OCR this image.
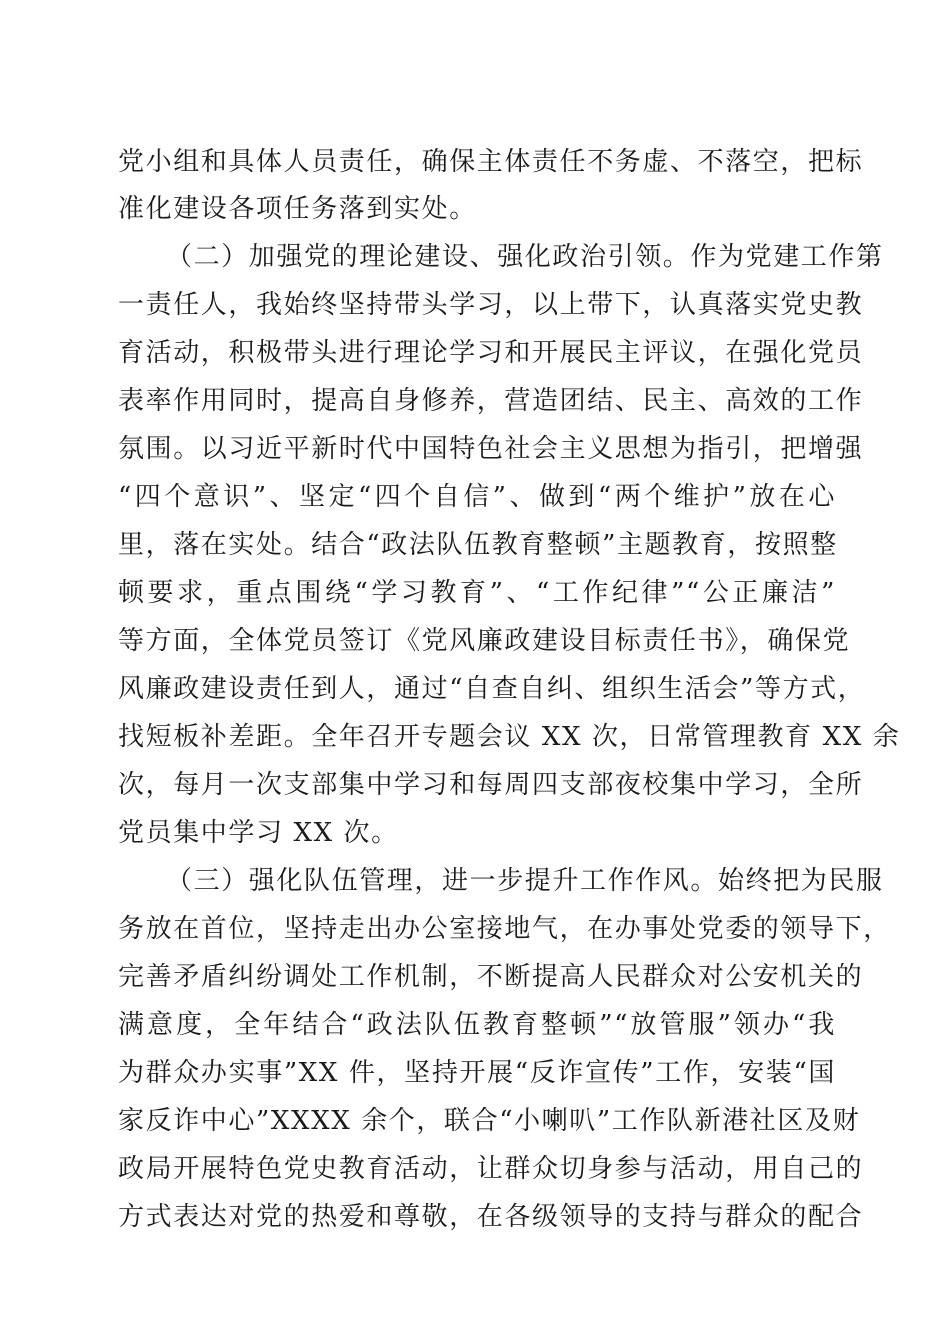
党小组和具体人员责任，确保主体责任不务虚、不落空，把标
准化建设各项任务落到实处。
（二）加强党的理论建设、强化政治引领。作为党建工作第
一责任人，我始终坚持带头学习，以上带下，认真落实党史教
育活动，积极带头进行理论学习和开展民主评议，在强化党员
表率作用同时，提高自身修养，营造团结、民主、高效的工作
氛围。以习近平新时代中国特色社会主义思想为指引，把增强
“四个意识”、坚定“四个自信”、做到“两个维护”放在心
里，落在实处。结合“政法队伍教育整顿”主题教育，按照整
顿要求，重点围绕“学习教育”、“工作纪律”“公正廉洁”
等方面，全体党员签订《党风廉政建设目标责任书》，确保党
风廉政建设责任到人，通过“自查自纠、组织生活会”等方式，
找短板补差距。全年召开专题会议 XX 次，日常管理教育 XX 余
次，每月一次支部集中学习和每周四支部夜校集中学习，全所
党员集中学习 XX 次。
（三）强化队伍管理，进一步提升工作作风。始终把为民服
务放在首位，坚持走出办公室接地气，在办事处党委的领导下，
完善矛盾纠纷调处工作机制，不断提高人民群众对公安机关的
满意度，全年结合“政法队伍教育整顿”“放管服”领办“我
为群众办实事”XX 件，坚持开展“反诈宣传”工作，安装“国
家反诈中心”XXXX 余个，联合“小喇叭”工作队新港社区及财
政局开展特色党史教育活动，让群众切身参与活动，用自己的
方式表达对党的热爱和尊敬，在各级领导的支持与群众的配合
